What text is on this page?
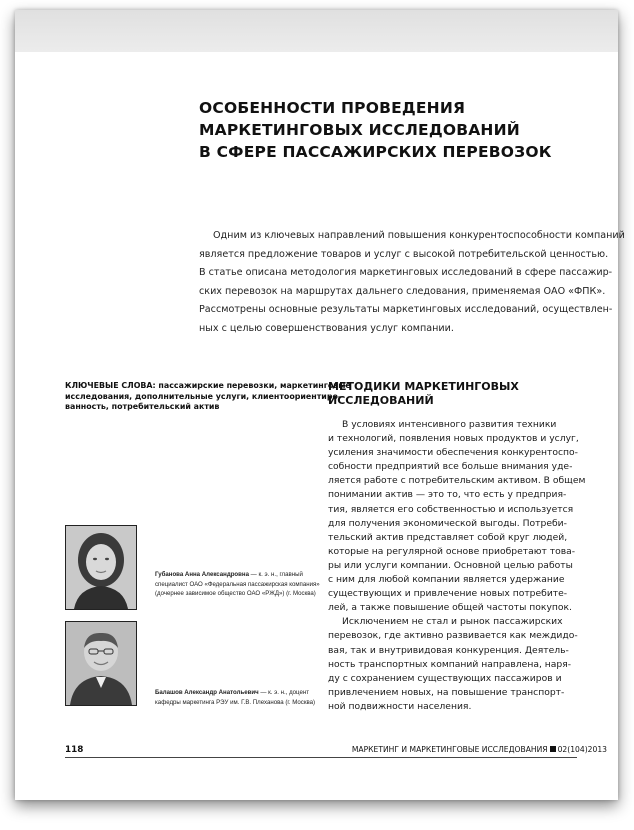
ОСОБЕННОСТИ ПРОВЕДЕНИЯ
МАРКЕТИНГОВЫХ ИССЛЕДОВАНИЙ
В СФЕРЕ ПАССАЖИРСКИХ ПЕРЕВОЗОК
Одним из ключевых направлений повышения конкурентоспособности компаний
является предложение товаров и услуг с высокой потребительской ценностью.
В статье описана методология маркетинговых исследований в сфере пассажир-
ских перевозок на маршрутах дальнего следования, применяемая ОАО «ФПК».
Рассмотрены основные результаты маркетинговых исследований, осуществлен-
ных с целью совершенствования услуг компании.
КЛЮЧЕВЫЕ СЛОВА: пассажирские перевозки, маркетинговые
исследования, дополнительные услуги, клиентоориентиро-
ванность, потребительский актив
Губанова Анна Александровна — к. э. н., главный
специалист ОАО «Федеральная пассажирская компания»
(дочернее зависимое общество ОАО «РЖД») (г. Москва)
Балашов Александр Анатольевич — к. э. н., доцент
кафедры маркетинга РЭУ им. Г.В. Плеханова (г. Москва)
МЕТОДИКИ МАРКЕТИНГОВЫХ
ИССЛЕДОВАНИЙ
В условиях интенсивного развития техники
и технологий, появления новых продуктов и услуг,
усиления значимости обеспечения конкурентоспо-
собности предприятий все больше внимания уде-
ляется работе с потребительским активом. В общем
понимании актив — это то, что есть у предприя-
тия, является его собственностью и используется
для получения экономической выгоды. Потреби-
тельский актив представляет собой круг людей,
которые на регулярной основе приобретают това-
ры или услуги компании. Основной целью работы
с ним для любой компании является удержание
существующих и привлечение новых потребите-
лей, а также повышение общей частоты покупок.
Исключением не стал и рынок пассажирских
перевозок, где активно развивается как междидо-
вая, так и внутривидовая конкуренция. Деятель-
ность транспортных компаний направлена, наря-
ду с сохранением существующих пассажиров и
привлечением новых, на повышение транспорт-
ной подвижности населения.
118	МАРКЕТИНГ И МАРКЕТИНГОВЫЕ ИССЛЕДОВАНИЯ 02(104)2013
